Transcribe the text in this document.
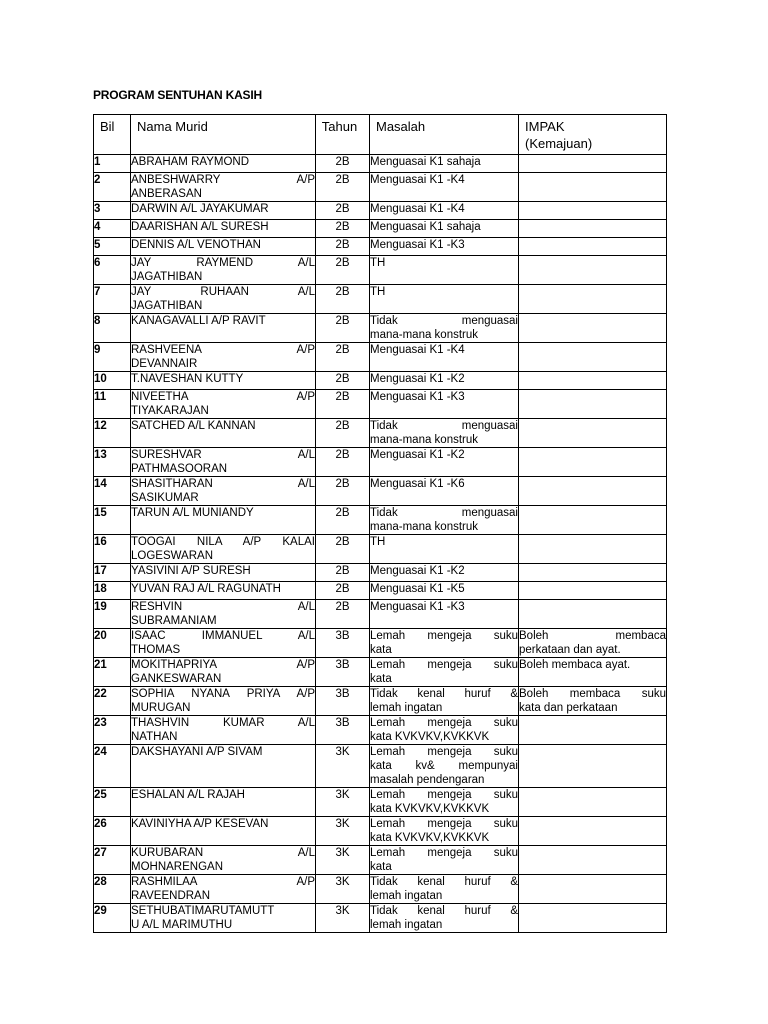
PROGRAM SENTUHAN KASIH
Bil	Nama Murid	Tahun	Masalah	IMPAK
(Kemajuan)
1	ABRAHAM RAYMOND	2B	Menguasai K1 sahaja	

2	ANBESHWARRY A/P
ANBERASAN	2B	Menguasai K1 -K4	

3	DARWIN A/L JAYAKUMAR	2B	Menguasai K1 -K4	

4	DAARISHAN A/L SURESH	2B	Menguasai K1 sahaja	

5	DENNIS A/L VENOTHAN	2B	Menguasai K1 -K3	

6	JAY RAYMEND A/L
JAGATHIBAN	2B	TH	

7	JAY RUHAAN A/L
JAGATHIBAN	2B	TH	

8	KANAGAVALLI A/P RAVIT	2B	Tidak menguasai
mana-mana konstruk	

9	RASHVEENA A/P
DEVANNAIR	2B	Menguasai K1 -K4	

10	T.NAVESHAN KUTTY	2B	Menguasai K1 -K2	

11	NIVEETHA A/P
TIYAKARAJAN	2B	Menguasai K1 -K3	

12	SATCHED A/L KANNAN	2B	Tidak menguasai
mana-mana konstruk	

13	SURESHVAR A/L
PATHMASOORAN	2B	Menguasai K1 -K2	

14	SHASITHARAN A/L
SASIKUMAR	2B	Menguasai K1 -K6	

15	TARUN A/L MUNIANDY	2B	Tidak menguasai
mana-mana konstruk	

16	TOOGAI NILA A/P KALAI
LOGESWARAN	2B	TH	

17	YASIVINI A/P SURESH	2B	Menguasai K1 -K2	

18	YUVAN RAJ A/L RAGUNATH	2B	Menguasai K1 -K5	

19	RESHVIN A/L
SUBRAMANIAM	2B	Menguasai K1 -K3	

20	ISAAC IMMANUEL A/L
THOMAS	3B	Lemah mengeja suku
kata	Boleh membaca
perkataan dan ayat.

21	MOKITHAPRIYA A/P
GANKESWARAN	3B	Lemah mengeja suku
kata	Boleh membaca ayat.

22	SOPHIA NYANA PRIYA A/P
MURUGAN	3B	Tidak kenal huruf &
lemah ingatan	Boleh membaca suku
kata dan perkataan

23	THASHVIN KUMAR A/L
NATHAN	3B	Lemah mengeja suku
kata KVKVKV,KVKKVK	

24	DAKSHAYANI A/P SIVAM	3K	Lemah mengeja suku
kata kv& mempunyai
masalah pendengaran	

25	ESHALAN A/L RAJAH	3K	Lemah mengeja suku
kata KVKVKV,KVKKVK	

26	KAVINIYHA A/P KESEVAN	3K	Lemah mengeja suku
kata KVKVKV,KVKKVK	

27	KURUBARAN A/L
MOHNARENGAN	3K	Lemah mengeja suku
kata	

28	RASHMILAA A/P
RAVEENDRAN	3K	Tidak kenal huruf &
lemah ingatan	

29	SETHUBATIMARUTAMUTT
U A/L MARIMUTHU	3K	Tidak kenal huruf &
lemah ingatan	
